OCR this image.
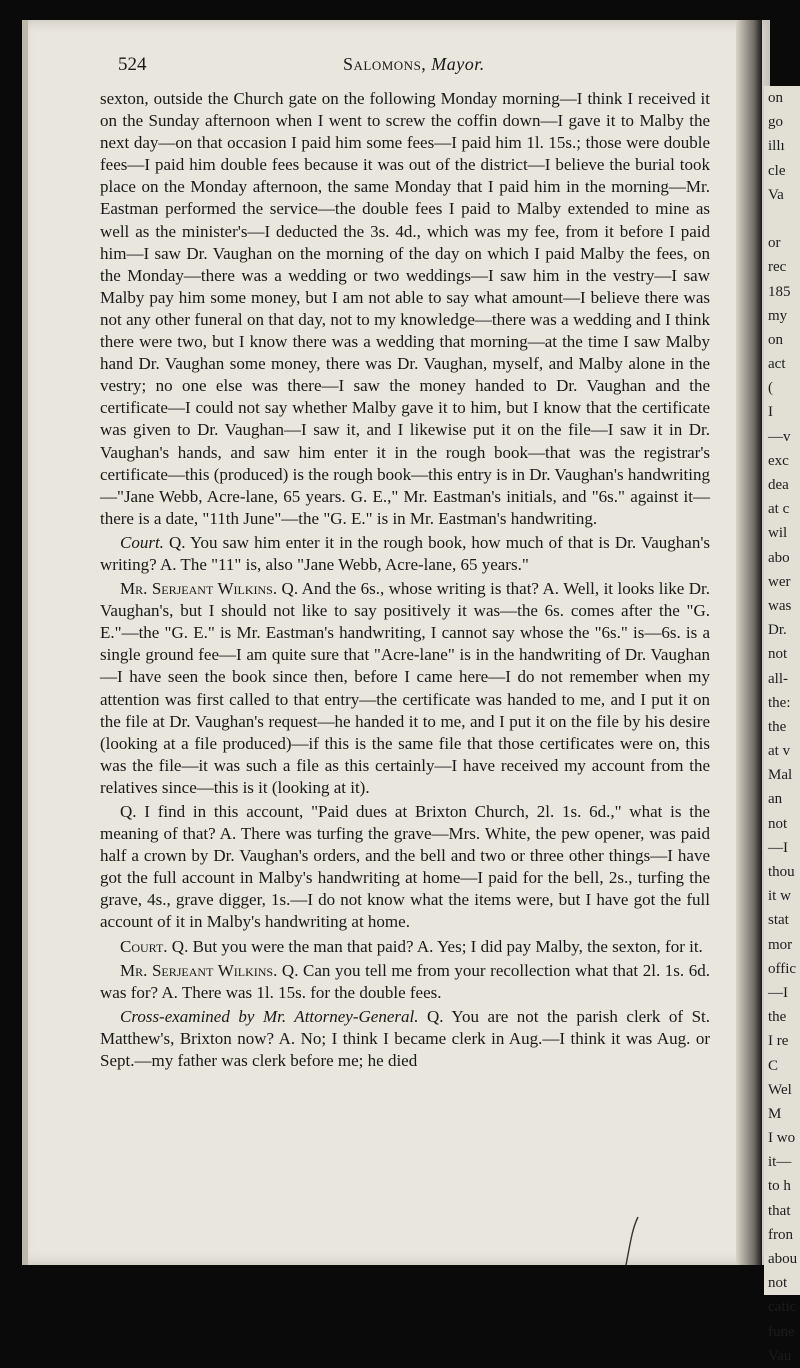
on
go
illı
cle
Va
or
rec
185
my
on
act
(
I
—v
exc
dea
at c
wil
abo
wer
was
Dr.
not
all-
the:
the
at v
Mal
an
not
—I
thou
it w
stat
mor
offic
—I
the
I re
C
Wel
M
I wo
it—
to h
that
fron
abou
not
catic
fune
Vau
524	Salomons, Mayor.

sexton, outside the Church gate on the following Monday morning—I think I received it on the Sunday afternoon when I went to screw the coffin down—I gave it to Malby the next day—on that occasion I paid him some fees—I paid him 1l. 15s.; those were double fees—I paid him double fees because it was out of the district—I believe the burial took place on the Monday afternoon, the same Monday that I paid him in the morning—Mr. Eastman performed the service—the double fees I paid to Malby extended to mine as well as the minister's—I deducted the 3s. 4d., which was my fee, from it before I paid him—I saw Dr. Vaughan on the morning of the day on which I paid Malby the fees, on the Monday—there was a wedding or two weddings—I saw him in the vestry—I saw Malby pay him some money, but I am not able to say what amount—I believe there was not any other funeral on that day, not to my knowledge—there was a wedding and I think there were two, but I know there was a wedding that morning—at the time I saw Malby hand Dr. Vaughan some money, there was Dr. Vaughan, myself, and Malby alone in the vestry; no one else was there—I saw the money handed to Dr. Vaughan and the certificate—I could not say whether Malby gave it to him, but I know that the certificate was given to Dr. Vaughan—I saw it, and I likewise put it on the file—I saw it in Dr. Vaughan's hands, and saw him enter it in the rough book—that was the registrar's certificate—this (produced) is the rough book—this entry is in Dr. Vaughan's handwriting—"Jane Webb, Acre-lane, 65 years. G. E.," Mr. Eastman's initials, and "6s." against it—there is a date, "11th June"—the "G. E." is in Mr. Eastman's handwriting.

Court. Q. You saw him enter it in the rough book, how much of that is Dr. Vaughan's writing? A. The "11" is, also "Jane Webb, Acre-lane, 65 years."

Mr. Serjeant Wilkins. Q. And the 6s., whose writing is that? A. Well, it looks like Dr. Vaughan's, but I should not like to say positively it was—the 6s. comes after the "G. E."—the "G. E." is Mr. Eastman's handwriting, I cannot say whose the "6s." is—6s. is a single ground fee—I am quite sure that "Acre-lane" is in the handwriting of Dr. Vaughan—I have seen the book since then, before I came here—I do not remember when my attention was first called to that entry—the certificate was handed to me, and I put it on the file at Dr. Vaughan's request—he handed it to me, and I put it on the file by his desire (looking at a file produced)—if this is the same file that those certificates were on, this was the file—it was such a file as this certainly—I have received my account from the relatives since—this is it (looking at it).

Q. I find in this account, "Paid dues at Brixton Church, 2l. 1s. 6d.," what is the meaning of that? A. There was turfing the grave—Mrs. White, the pew opener, was paid half a crown by Dr. Vaughan's orders, and the bell and two or three other things—I have got the full account in Malby's handwriting at home—I paid for the bell, 2s., turfing the grave, 4s., grave digger, 1s.—I do not know what the items were, but I have got the full account of it in Malby's handwriting at home.

Court. Q. But you were the man that paid? A. Yes; I did pay Malby, the sexton, for it.

Mr. Serjeant Wilkins. Q. Can you tell me from your recollection what that 2l. 1s. 6d. was for? A. There was 1l. 15s. for the double fees.

Cross-examined by Mr. Attorney-General. Q. You are not the parish clerk of St. Matthew's, Brixton now? A. No; I think I became clerk in Aug.—I think it was Aug. or Sept.—my father was clerk before me; he died
